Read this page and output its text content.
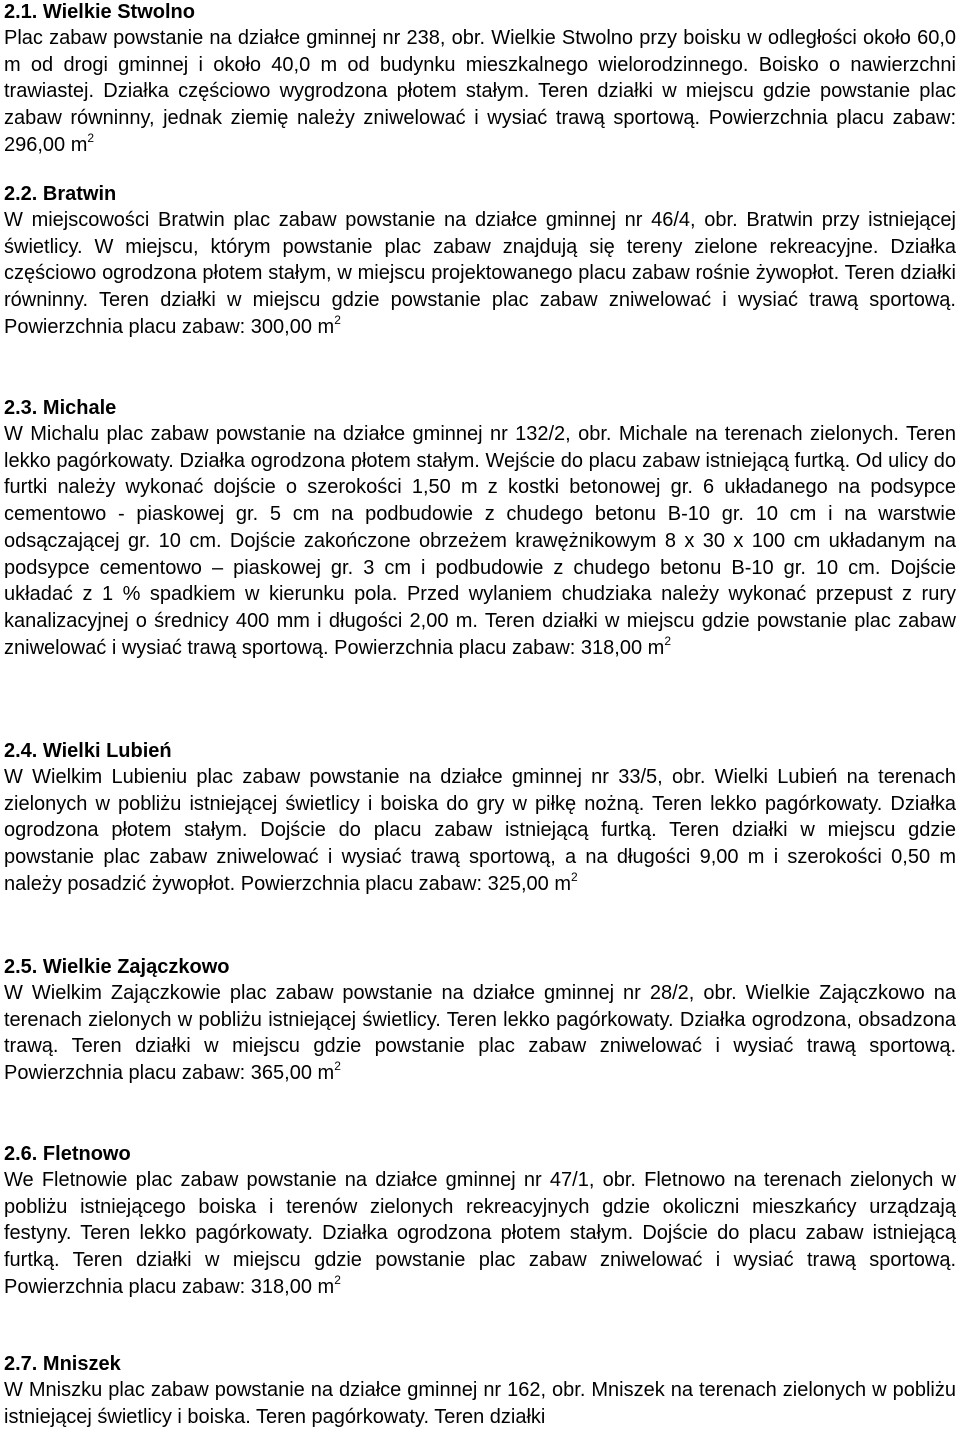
2.1. Wielkie Stwolno

Plac zabaw powstanie na działce gminnej nr 238, obr. Wielkie Stwolno przy boisku w odległości około 60,0 m od drogi gminnej i około 40,0 m od budynku mieszkalnego wielorodzinnego. Boisko o nawierzchni trawiastej. Działka częściowo wygrodzona płotem stałym. Teren działki w miejscu gdzie powstanie plac zabaw równinny, jednak ziemię należy zniwelować i wysiać trawą sportową. Powierzchnia placu zabaw: 296,00 $m^2$

2.2. Bratwin

W miejscowości Bratwin plac zabaw powstanie na działce gminnej nr 46/4, obr. Bratwin przy istniejącej świetlicy. W miejscu, którym powstanie plac zabaw znajdują się tereny zielone rekreacyjne. Działka częściowo ogrodzona płotem stałym, w miejscu projektowanego placu zabaw rośnie żywopłot. Teren działki równinny. Teren działki w miejscu gdzie powstanie plac zabaw zniwelować i wysiać trawą sportową. Powierzchnia placu zabaw: 300,00 $m^2$

2.3. Michale

W Michalu plac zabaw powstanie na działce gminnej nr 132/2, obr. Michale na terenach zielonych. Teren lekko pagórkowaty. Działka ogrodzona płotem stałym. Wejście do placu zabaw istniejącą furtką. Od ulicy do furtki należy wykonać dojście o szerokości 1,50 m z kostki betonowej gr. 6 układanego na podsypce cementowo - piaskowej gr. 5 cm na podbudowie z chudego betonu B-10 gr. 10 cm i na warstwie odsączającej gr. 10 cm. Dojście zakończone obrzeżem krawężnikowym 8 x 30 x 100 cm układanym na podsypce cementowo – piaskowej gr. 3 cm i podbudowie z chudego betonu B-10 gr. 10 cm. Dojście układać z 1 % spadkiem w kierunku pola. Przed wylaniem chudziaka należy wykonać przepust z rury kanalizacyjnej o średnicy 400 mm i długości 2,00 m. Teren działki w miejscu gdzie powstanie plac zabaw zniwelować i wysiać trawą sportową. Powierzchnia placu zabaw: 318,00 $m^2$

2.4. Wielki Lubień

W Wielkim Lubieniu plac zabaw powstanie na działce gminnej nr 33/5, obr. Wielki Lubień na terenach zielonych w pobliżu istniejącej świetlicy i boiska do gry w piłkę nożną. Teren lekko pagórkowaty. Działka ogrodzona płotem stałym. Dojście do placu zabaw istniejącą furtką. Teren działki w miejscu gdzie powstanie plac zabaw zniwelować i wysiać trawą sportową, a na długości 9,00 m i szerokości 0,50 m należy posadzić żywopłot. Powierzchnia placu zabaw: 325,00 $m^2$

2.5. Wielkie Zajączkowo

W Wielkim Zajączkowie plac zabaw powstanie na działce gminnej nr 28/2, obr. Wielkie Zajączkowo na terenach zielonych w pobliżu istniejącej świetlicy. Teren lekko pagórkowaty. Działka ogrodzona, obsadzona trawą. Teren działki w miejscu gdzie powstanie plac zabaw zniwelować i wysiać trawą sportową. Powierzchnia placu zabaw: 365,00 $m^2$

2.6. Fletnowo

We Fletnowie plac zabaw powstanie na działce gminnej nr 47/1, obr. Fletnowo na terenach zielonych w pobliżu istniejącego boiska i terenów zielonych rekreacyjnych gdzie okoliczni mieszkańcy urządzają festyny. Teren lekko pagórkowaty. Działka ogrodzona płotem stałym. Dojście do placu zabaw istniejącą furtką. Teren działki w miejscu gdzie powstanie plac zabaw zniwelować i wysiać trawą sportową. Powierzchnia placu zabaw: 318,00 $m^2$

2.7. Mniszek

W Mniszku plac zabaw powstanie na działce gminnej nr 162, obr. Mniszek na terenach zielonych w pobliżu istniejącej świetlicy i boiska. Teren pagórkowaty. Teren działki
